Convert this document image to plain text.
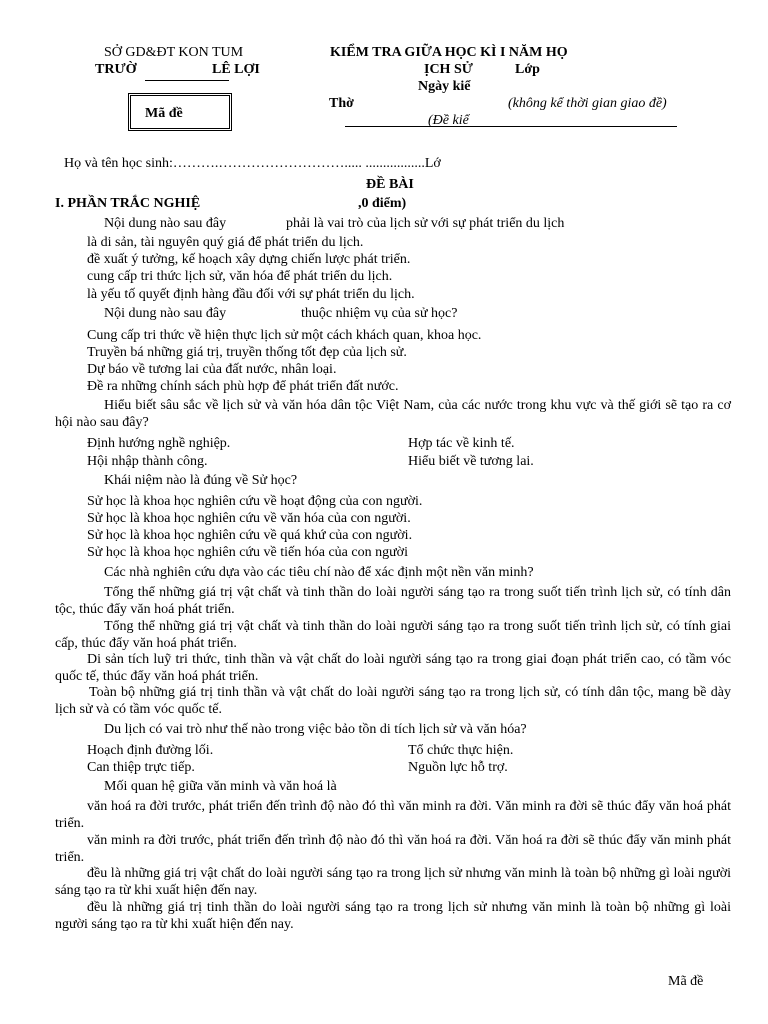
SỞ GD&ĐT KON TUM
TRƯỜ	LÊ LỢI
Mã đề
KIỂM TRA GIỮA HỌC KÌ I NĂM HỌ
ỊCH SỬ	Lớp
Ngày kiể
Thờ	(không kể thời gian giao đề)
(Đề kiể
Họ và tên học sinh:……….………………………..... .................Lớ
ĐỀ BÀI
I. PHẦN TRẮC NGHIỆ	,0 điểm)
Nội dung nào sau đây	phải là vai trò của lịch sử với sự phát triển du lịch
là di sản, tài nguyên quý giá để phát triển du lịch.
đề xuất ý tưởng, kế hoạch xây dựng chiến lược phát triển.
cung cấp tri thức lịch sử, văn hóa để phát triển du lịch.
là yếu tố quyết định hàng đầu đối với sự phát triển du lịch.
Nội dung nào sau đây	thuộc nhiệm vụ của sử học?
Cung cấp tri thức về hiện thực lịch sử một cách khách quan, khoa học.
Truyền bá những giá trị, truyền thống tốt đẹp của lịch sử.
Dự báo về tương lai của đất nước, nhân loại.
Đề ra những chính sách phù hợp để phát triển đất nước.
Hiểu biết sâu sắc về lịch sử và văn hóa dân tộc Việt Nam, của các nước trong khu vực và thế giới sẽ tạo ra cơ hội nào sau đây?
Định hướng nghề nghiệp.	Hợp tác về kinh tế.
Hội nhập thành công.	Hiểu biết về tương lai.
Khái niệm nào là đúng về Sử học?
Sử học là khoa học nghiên cứu về hoạt động của con người.
Sử học là khoa học nghiên cứu về văn hóa của con người.
Sử học là khoa học nghiên cứu về quá khứ của con người.
Sử học là khoa học nghiên cứu về tiến hóa của con người
Các nhà nghiên cứu dựa vào các tiêu chí nào để xác định một nền văn minh?
Tổng thể những giá trị vật chất và tinh thần do loài người sáng tạo ra trong suốt tiến trình lịch sử, có tính dân tộc, thúc đẩy văn hoá phát triển.
Tổng thể những giá trị vật chất và tinh thần do loài người sáng tạo ra trong suốt tiến trình lịch sử, có tính giai cấp, thúc đẩy văn hoá phát triển.
Di sản tích luỹ tri thức, tinh thần và vật chất do loài người sáng tạo ra trong giai đoạn phát triển cao, có tầm vóc quốc tế, thúc đẩy văn hoá phát triển.
Toàn bộ những giá trị tinh thần và vật chất do loài người sáng tạo ra trong lịch sử, có tính dân tộc, mang bề dày lịch sử và có tầm vóc quốc tế.
Du lịch có vai trò như thế nào trong việc bảo tồn di tích lịch sử và văn hóa?
Hoạch định đường lối.	Tổ chức thực hiện.
Can thiệp trực tiếp.	Nguồn lực hỗ trợ.
Mối quan hệ giữa văn minh và văn hoá là
văn hoá ra đời trước, phát triển đến trình độ nào đó thì văn minh ra đời. Văn minh ra đời sẽ thúc đẩy văn hoá phát triển.
văn minh ra đời trước, phát triển đến trình độ nào đó thì văn hoá ra đời. Văn hoá ra đời sẽ thúc đẩy văn minh phát triển.
đều là những giá trị vật chất do loài người sáng tạo ra trong lịch sử nhưng văn minh là toàn bộ những gì loài người sáng tạo ra từ khi xuất hiện đến nay.
đều là những giá trị tinh thần do loài người sáng tạo ra trong lịch sử nhưng văn minh là toàn bộ những gì loài người sáng tạo ra từ khi xuất hiện đến nay.
Mã đề
